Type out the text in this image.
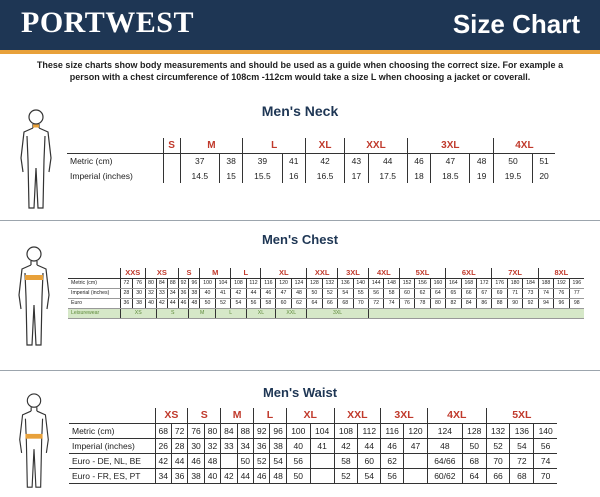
PORTWEST	Size Chart
These size charts show body measurements and should be used as a guide when choosing the correct size. For example a person with a chest circumference of 108cm -112cm would take a size L when choosing a jacket or coverall.
Men's Neck
	S	M		L		XL	XXL		3XL			4XL	
Metric (cm)		37	38	39	41	42	43	44	46	47	48	50	51
Imperial (inches)		14.5	15	15.5	16	16.5	17	17.5	18	18.5	19	19.5	20
Men's Chest
	XXS		XS			S		M		L		XL			XXL		3XL		4XL		5XL			6XL			7XL			8XL		
Metric (cm)	72	76	80	84	88	92	96	100	104	108	112	116	120	124	128	132	136	140	144	148	152	156	160	164	168	172	176	180	184	188	192	196
Imperial (inches)	28	30	32	33	34	36	38	40	41	42	44	46	47	48	50	52	54	55	56	58	60	62	64	65	66	67	69	71	73	74	76	77
Euro	36	38	40	42	44	46	48	50	52	54	56	58	60	62	64	66	68	70	72	74	76	78	80	82	84	86	88	90	92	94	96	98
Leisurewear	XS			S			M		L		XL		XXL		3XL																	
Men's Waist
	XS		S		M		L		XL		XXL		3XL		4XL		5XL		
Metric (cm)	68	72	76	80	84	88	92	96	100	104	108	112	116	120	124	128	132	136	140
Imperial (inches)	26	28	30	32	33	34	36	38	40	41	42	44	46	47	48	50	52	54	56
Euro - DE, NL, BE	42	44	46	48		50	52	54	56		58	60	62		64/66	68	70	72	74
Euro - FR, ES, PT	34	36	38	40	42	44	46	48	50		52	54	56		60/62	64	66	68	70
